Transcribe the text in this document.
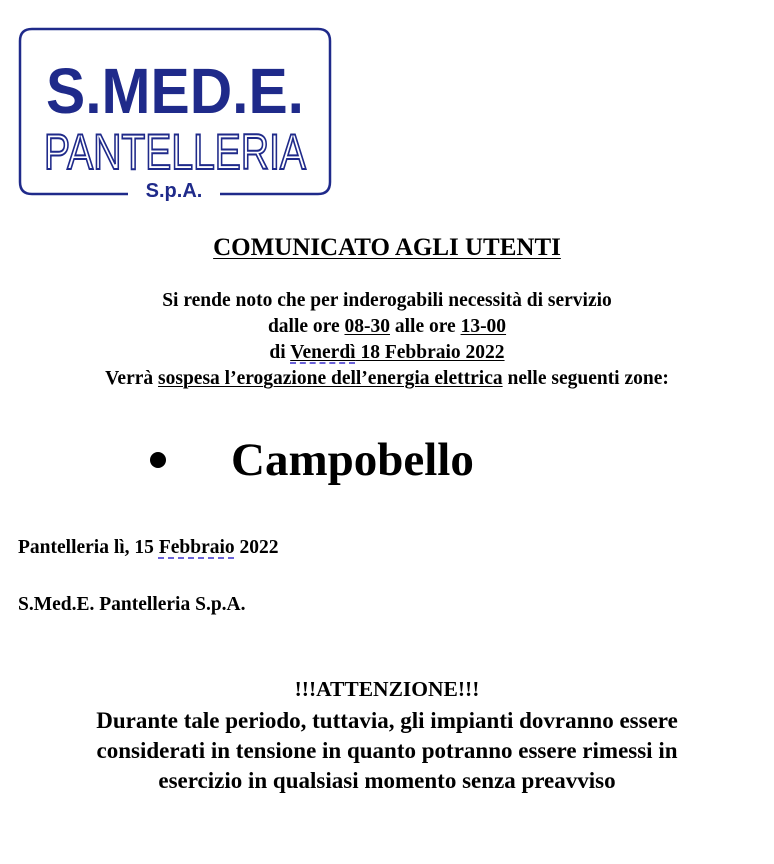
S.MED.E.
PANTELLERIA
S.p.A.
COMUNICATO AGLI UTENTI
Si rende noto che per inderogabili necessità di servizio
dalle ore 08-30 alle ore 13-00
di Venerdì 18 Febbraio 2022
Verrà sospesa l’erogazione dell’energia elettrica nelle seguenti zone:
Campobello
Pantelleria lì, 15 Febbraio 2022
S.Med.E. Pantelleria S.p.A.
!!!ATTENZIONE!!!
Durante tale periodo, tuttavia, gli impianti dovranno essere
considerati in tensione in quanto potranno essere rimessi in
esercizio in qualsiasi momento senza preavviso
